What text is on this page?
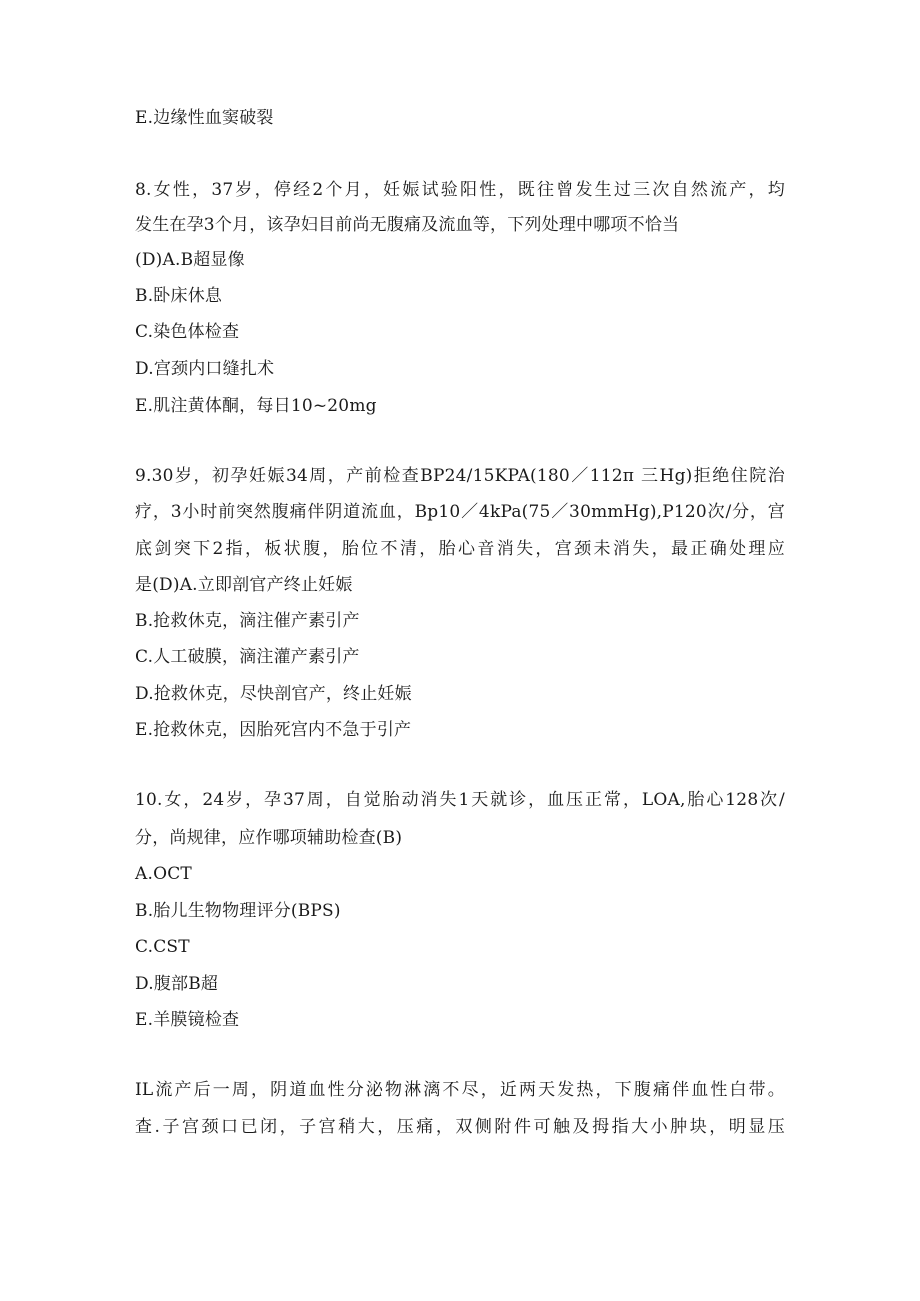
E.边缘性血窦破裂
8.女性，37岁，停经2个月，妊娠试验阳性，既往曾发生过三次自然流产，均
发生在孕3个月，该孕妇目前尚无腹痛及流血等，下列处理中哪项不恰当
(D)A.B超显像
B.卧床休息
C.染色体检查
D.宫颈内口缝扎术
E.肌注黄体酮，每日10~20mg
9.30岁，初孕妊娠34周，产前检查BP24/15KPA(180／112π 三Hg)拒绝住院治
疗，3小时前突然腹痛伴阴道流血，Bp10／4kPa(75／30mmHg),P120次/分，宫
底剑突下2指，板状腹，胎位不清，胎心音消失，宫颈未消失，最正确处理应
是(D)A.立即剖官产终止妊娠
B.抢救休克，滴注催产素引产
C.人工破膜，滴注灌产素引产
D.抢救休克，尽快剖官产，终止妊娠
E.抢救休克，因胎死宫内不急于引产
10.女，24岁，孕37周，自觉胎动消失1天就诊，血压正常，LOA,胎心128次/
分，尚规律，应作哪项辅助检查(B)
A.OCT
B.胎儿生物物理评分(BPS)
C.CST
D.腹部B超
E.羊膜镜检查
IL流产后一周，阴道血性分泌物淋漓不尽，近两天发热，下腹痛伴血性白带。
查.子宫颈口已闭，子宫稍大，压痛，双侧附件可触及拇指大小肿块，明显压
